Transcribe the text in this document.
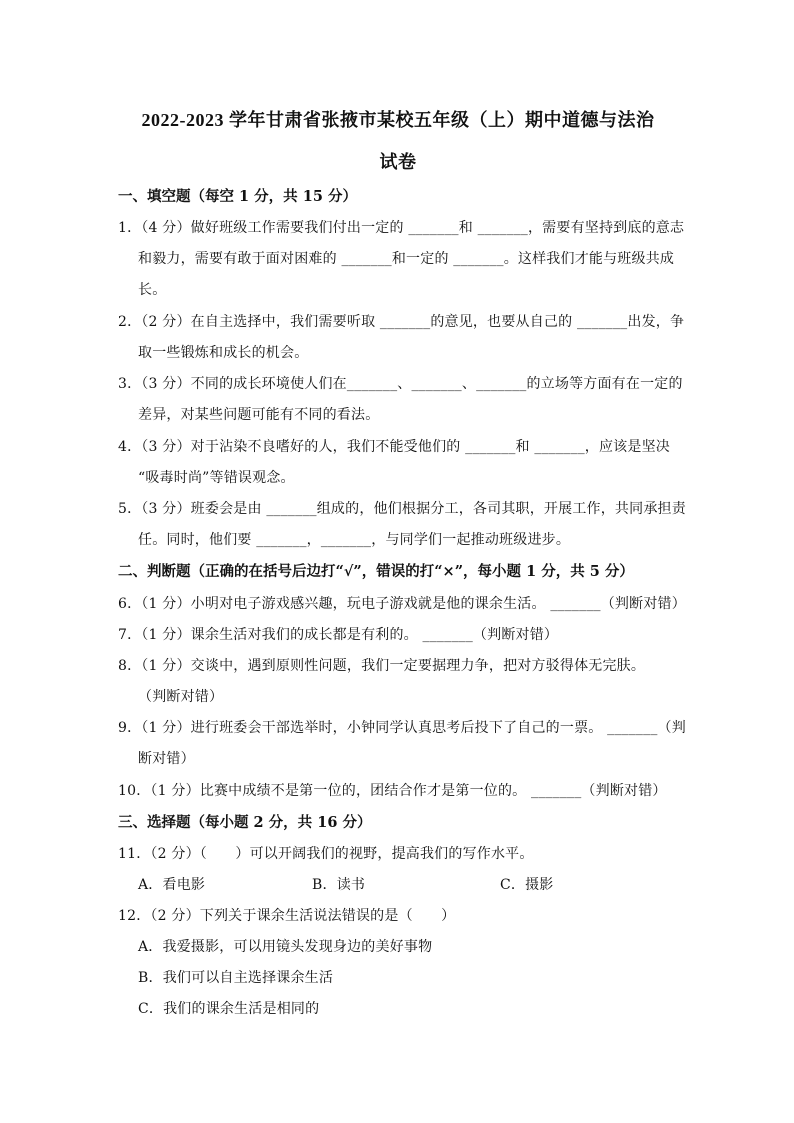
2022-2023 学年甘肃省张掖市某校五年级（上）期中道德与法治
试卷
一、填空题（每空 1 分，共 15 分）
1．（4 分）做好班级工作需要我们付出一定的 _______和 _______，需要有坚持到底的意志
和毅力，需要有敢于面对困难的 _______和一定的 _______。这样我们才能与班级共成
长。
2．（2 分）在自主选择中，我们需要听取 _______的意见，也要从自己的 _______出发，争
取一些锻炼和成长的机会。
3．（3 分）不同的成长环境使人们在_______、_______、_______的立场等方面有在一定的
差异，对某些问题可能有不同的看法。
4．（3 分）对于沾染不良嗜好的人，我们不能受他们的 _______和 _______，应该是坚决
“吸毒时尚”等错误观念。
5．（3 分）班委会是由 _______组成的，他们根据分工，各司其职，开展工作，共同承担责
任。同时，他们要 _______，_______，与同学们一起推动班级进步。
二、判断题（正确的在括号后边打“√”，错误的打“×”，每小题 1 分，共 5 分）
6．（1 分）小明对电子游戏感兴趣，玩电子游戏就是他的课余生活。 _______（判断对错）
7．（1 分）课余生活对我们的成长都是有利的。 _______（判断对错）
8．（1 分）交谈中，遇到原则性问题，我们一定要据理力争，把对方驳得体无完肤。
（判断对错）
9．（1 分）进行班委会干部选举时，小钟同学认真思考后投下了自己的一票。 _______（判
断对错）
10．（1 分）比赛中成绩不是第一位的，团结合作才是第一位的。 _______（判断对错）
三、选择题（每小题 2 分，共 16 分）
11．（2 分）（　　）可以开阔我们的视野，提高我们的写作水平。
A．看电影	B．读书	C．摄影
12．（2 分）下列关于课余生活说法错误的是（　　）
A．我爱摄影，可以用镜头发现身边的美好事物
B．我们可以自主选择课余生活
C．我们的课余生活是相同的
